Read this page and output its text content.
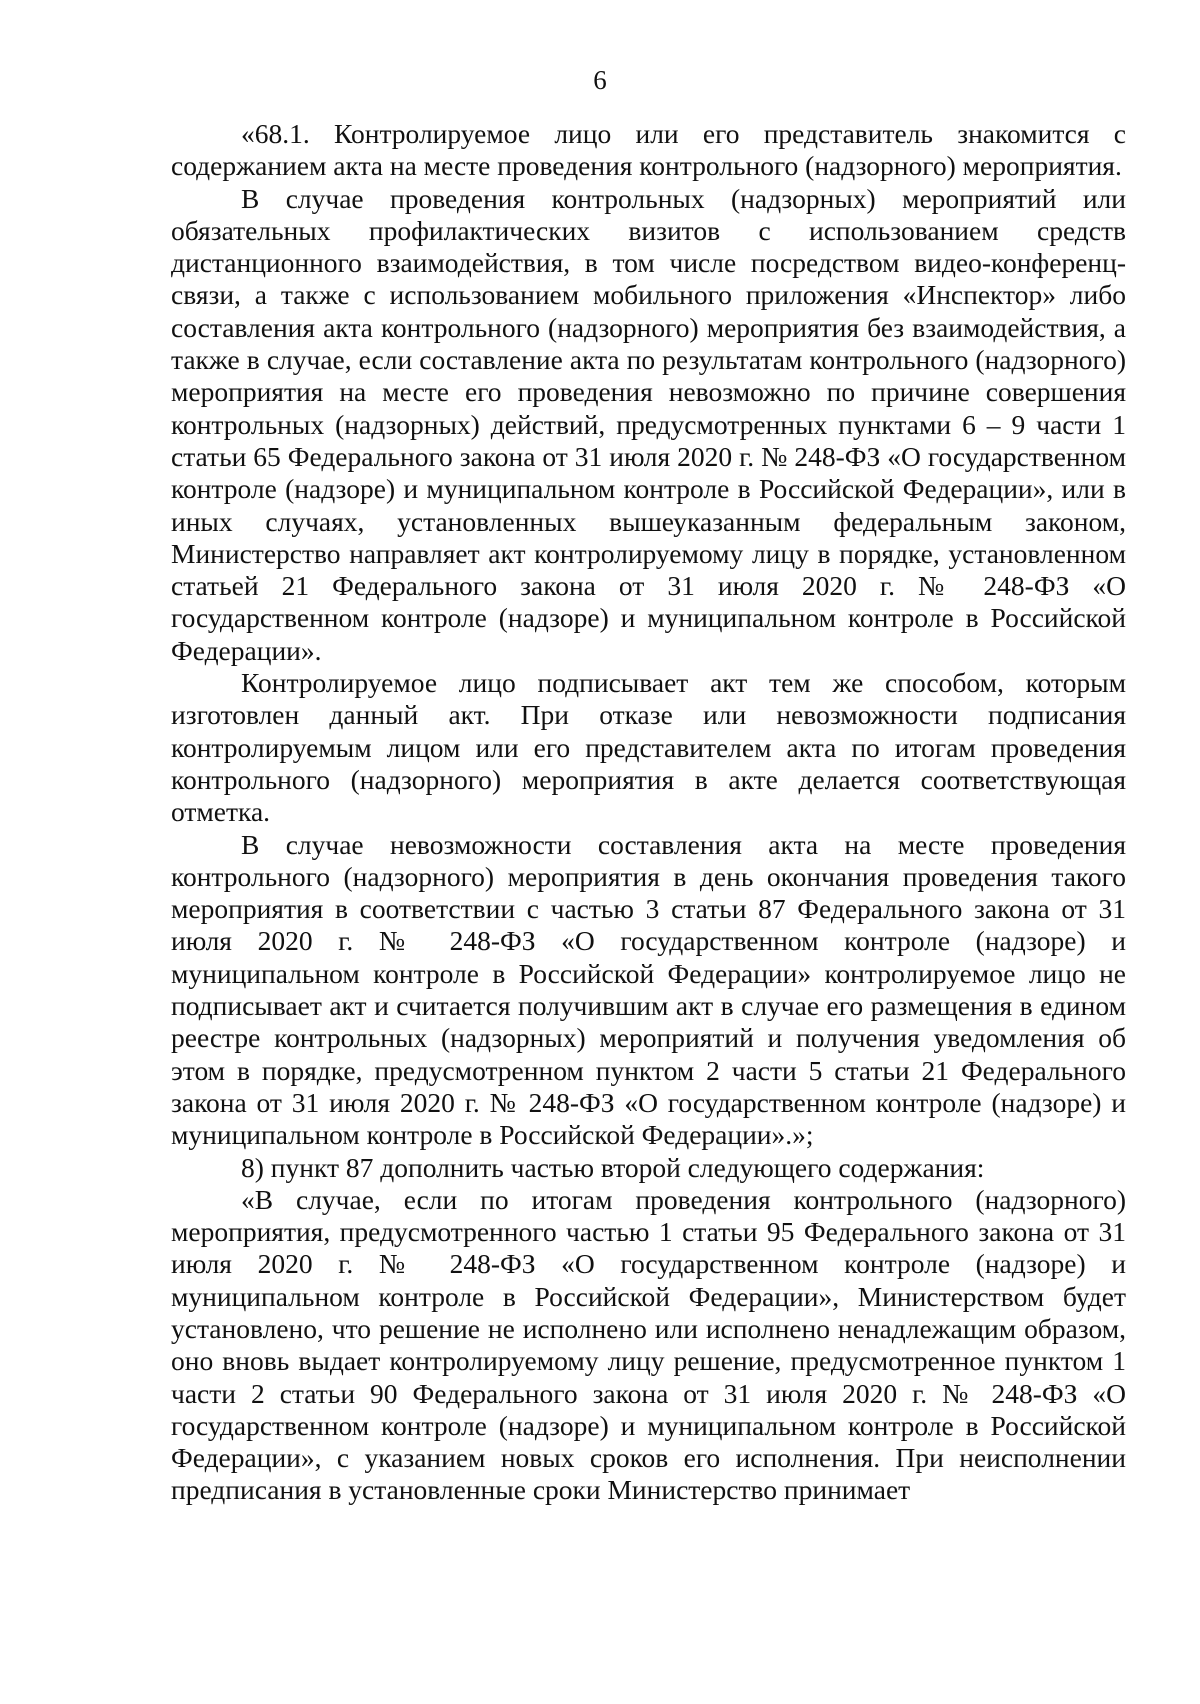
6

«68.1. Контролируемое лицо или его представитель знакомится с содержанием акта на месте проведения контрольного (надзорного) мероприятия.

В случае проведения контрольных (надзорных) мероприятий или обязательных профилактических визитов с использованием средств дистанционного взаимодействия, в том числе посредством видео-конференц-связи, а также с использованием мобильного приложения «Инспектор» либо составления акта контрольного (надзорного) мероприятия без взаимодействия, а также в случае, если составление акта по результатам контрольного (надзорного) мероприятия на месте его проведения невозможно по причине совершения контрольных (надзорных) действий, предусмотренных пунктами 6 – 9 части 1 статьи 65 Федерального закона от 31 июля 2020 г. № 248-ФЗ «О государственном контроле (надзоре) и муниципальном контроле в Российской Федерации», или в иных случаях, установленных вышеуказанным федеральным законом, Министерство направляет акт контролируемому лицу в порядке, установленном статьей 21 Федерального закона от 31 июля 2020 г. № 248-ФЗ «О государственном контроле (надзоре) и муниципальном контроле в Российской Федерации».

Контролируемое лицо подписывает акт тем же способом, которым изготовлен данный акт. При отказе или невозможности подписания контролируемым лицом или его представителем акта по итогам проведения контрольного (надзорного) мероприятия в акте делается соответствующая отметка.

В случае невозможности составления акта на месте проведения контрольного (надзорного) мероприятия в день окончания проведения такого мероприятия в соответствии с частью 3 статьи 87 Федерального закона от 31 июля 2020 г. № 248-ФЗ «О государственном контроле (надзоре) и муниципальном контроле в Российской Федерации» контролируемое лицо не подписывает акт и считается получившим акт в случае его размещения в едином реестре контрольных (надзорных) мероприятий и получения уведомления об этом в порядке, предусмотренном пунктом 2 части 5 статьи 21 Федерального закона от 31 июля 2020 г. № 248-ФЗ «О государственном контроле (надзоре) и муниципальном контроле в Российской Федерации».»;

8) пункт 87 дополнить частью второй следующего содержания:

«В случае, если по итогам проведения контрольного (надзорного) мероприятия, предусмотренного частью 1 статьи 95 Федерального закона от 31 июля 2020 г. № 248-ФЗ «О государственном контроле (надзоре) и муниципальном контроле в Российской Федерации», Министерством будет установлено, что решение не исполнено или исполнено ненадлежащим образом, оно вновь выдает контролируемому лицу решение, предусмотренное пунктом 1 части 2 статьи 90 Федерального закона от 31 июля 2020 г. № 248-ФЗ «О государственном контроле (надзоре) и муниципальном контроле в Российской Федерации», с указанием новых сроков его исполнения. При неисполнении предписания в установленные сроки Министерство принимает
